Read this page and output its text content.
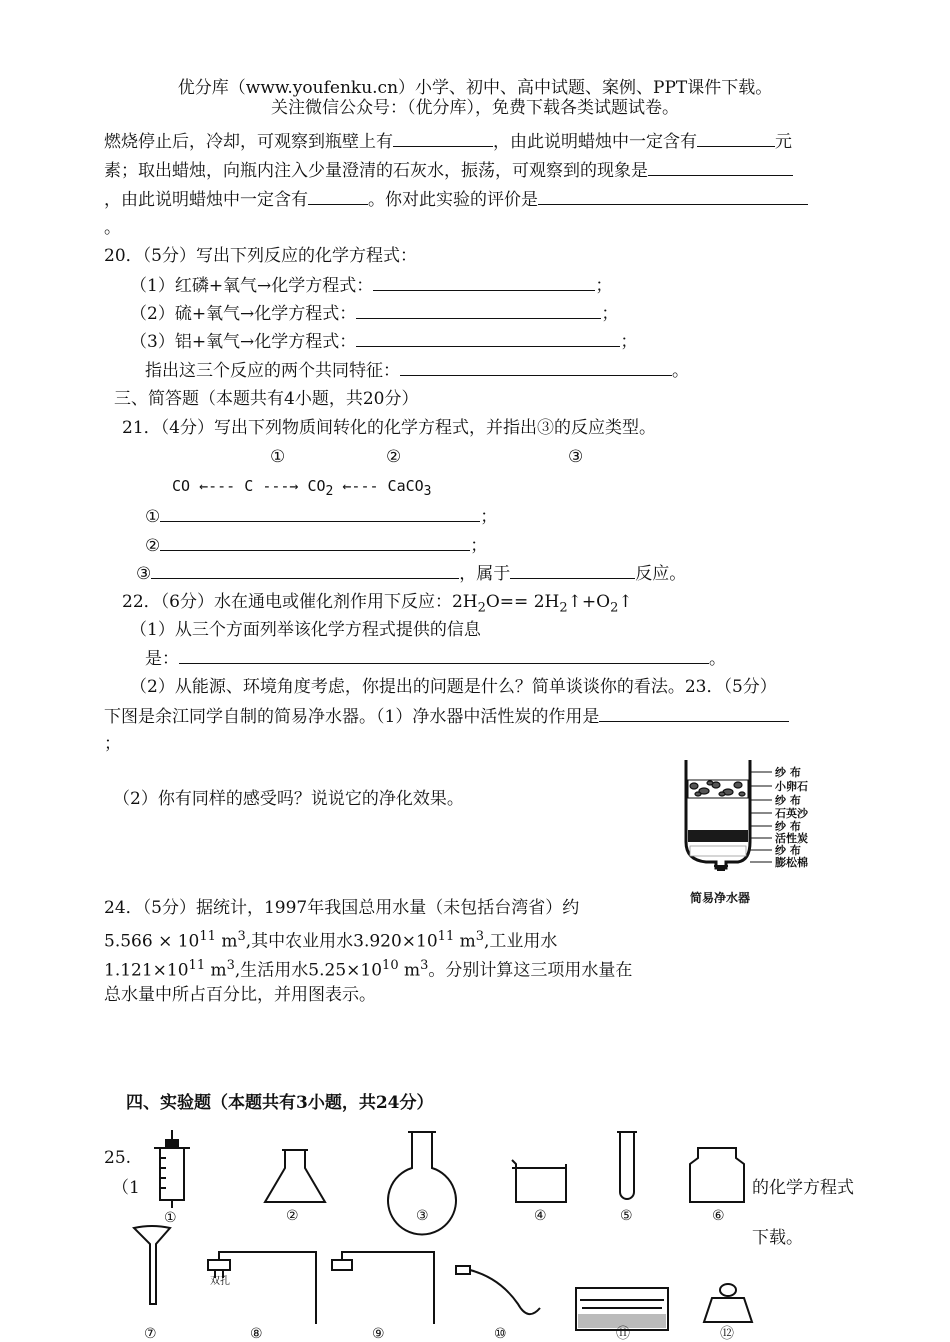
优分库（www.youfenku.cn）小学、初中、高中试题、案例、PPT课件下载。
关注微信公众号：（优分库），免费下载各类试题试卷。
燃烧停止后，冷却，可观察到瓶壁上有	，由此说明蜡烛中一定含有	元
素；取出蜡烛，向瓶内注入少量澄清的石灰水，振荡，可观察到的现象是
，由此说明蜡烛中一定含有	。你对此实验的评价是
。
20．（5分）写出下列反应的化学方程式：
（1）红磷+氧气→化学方程式：	；
（2）硫+氧气→化学方程式：	；
（3）铝+氧气→化学方程式：	；
指出这三个反应的两个共同特征：	。
三、简答题（本题共有4小题，共20分）
21．（4分）写出下列物质间转化的化学方程式，并指出③的反应类型。
①	②	③
CO ←--- C ---→ $CO_2$ ←--- CaCO$_3$
①	；
②	；
③	，属于	反应。
22．（6分）水在通电或催化剂作用下反应：$2H_2O==$ $2H_2↑+O_2↑$
（1）从三个方面列举该化学方程式提供的信息
是：	。
（2）从能源、环境角度考虑，你提出的问题是什么？简单谈谈你的看法。23．（5分）
下图是余江同学自制的简易净水器。（1）净水器中活性炭的作用是
；
（2）你有同样的感受吗？说说它的净化效果。
纱 布
小卵石
纱 布
石英沙
纱 布
活性炭
纱 布
膨松棉
简易净水器
24．（5分）据统计，1997年我国总用水量（未包括台湾省）约
$5.566 \times 10^{11}$ $m^3$,其中农业用水$3.920\times 10^{11}$ $m^3$,工业用水
$1.121\times 10^{11}$ $m^3$,生活用水$5.25\times 10^{10}$ $m^3$。分别计算这三项用水量在
总水量中所占百分比，并用图表示。
四、实验题（本题共有3小题，共24分）
25.
（1	的化学方程式
下载。
双孔
①	②	③	④	⑤	⑥
⑦	⑧	⑨	⑩	⑪	⑫
